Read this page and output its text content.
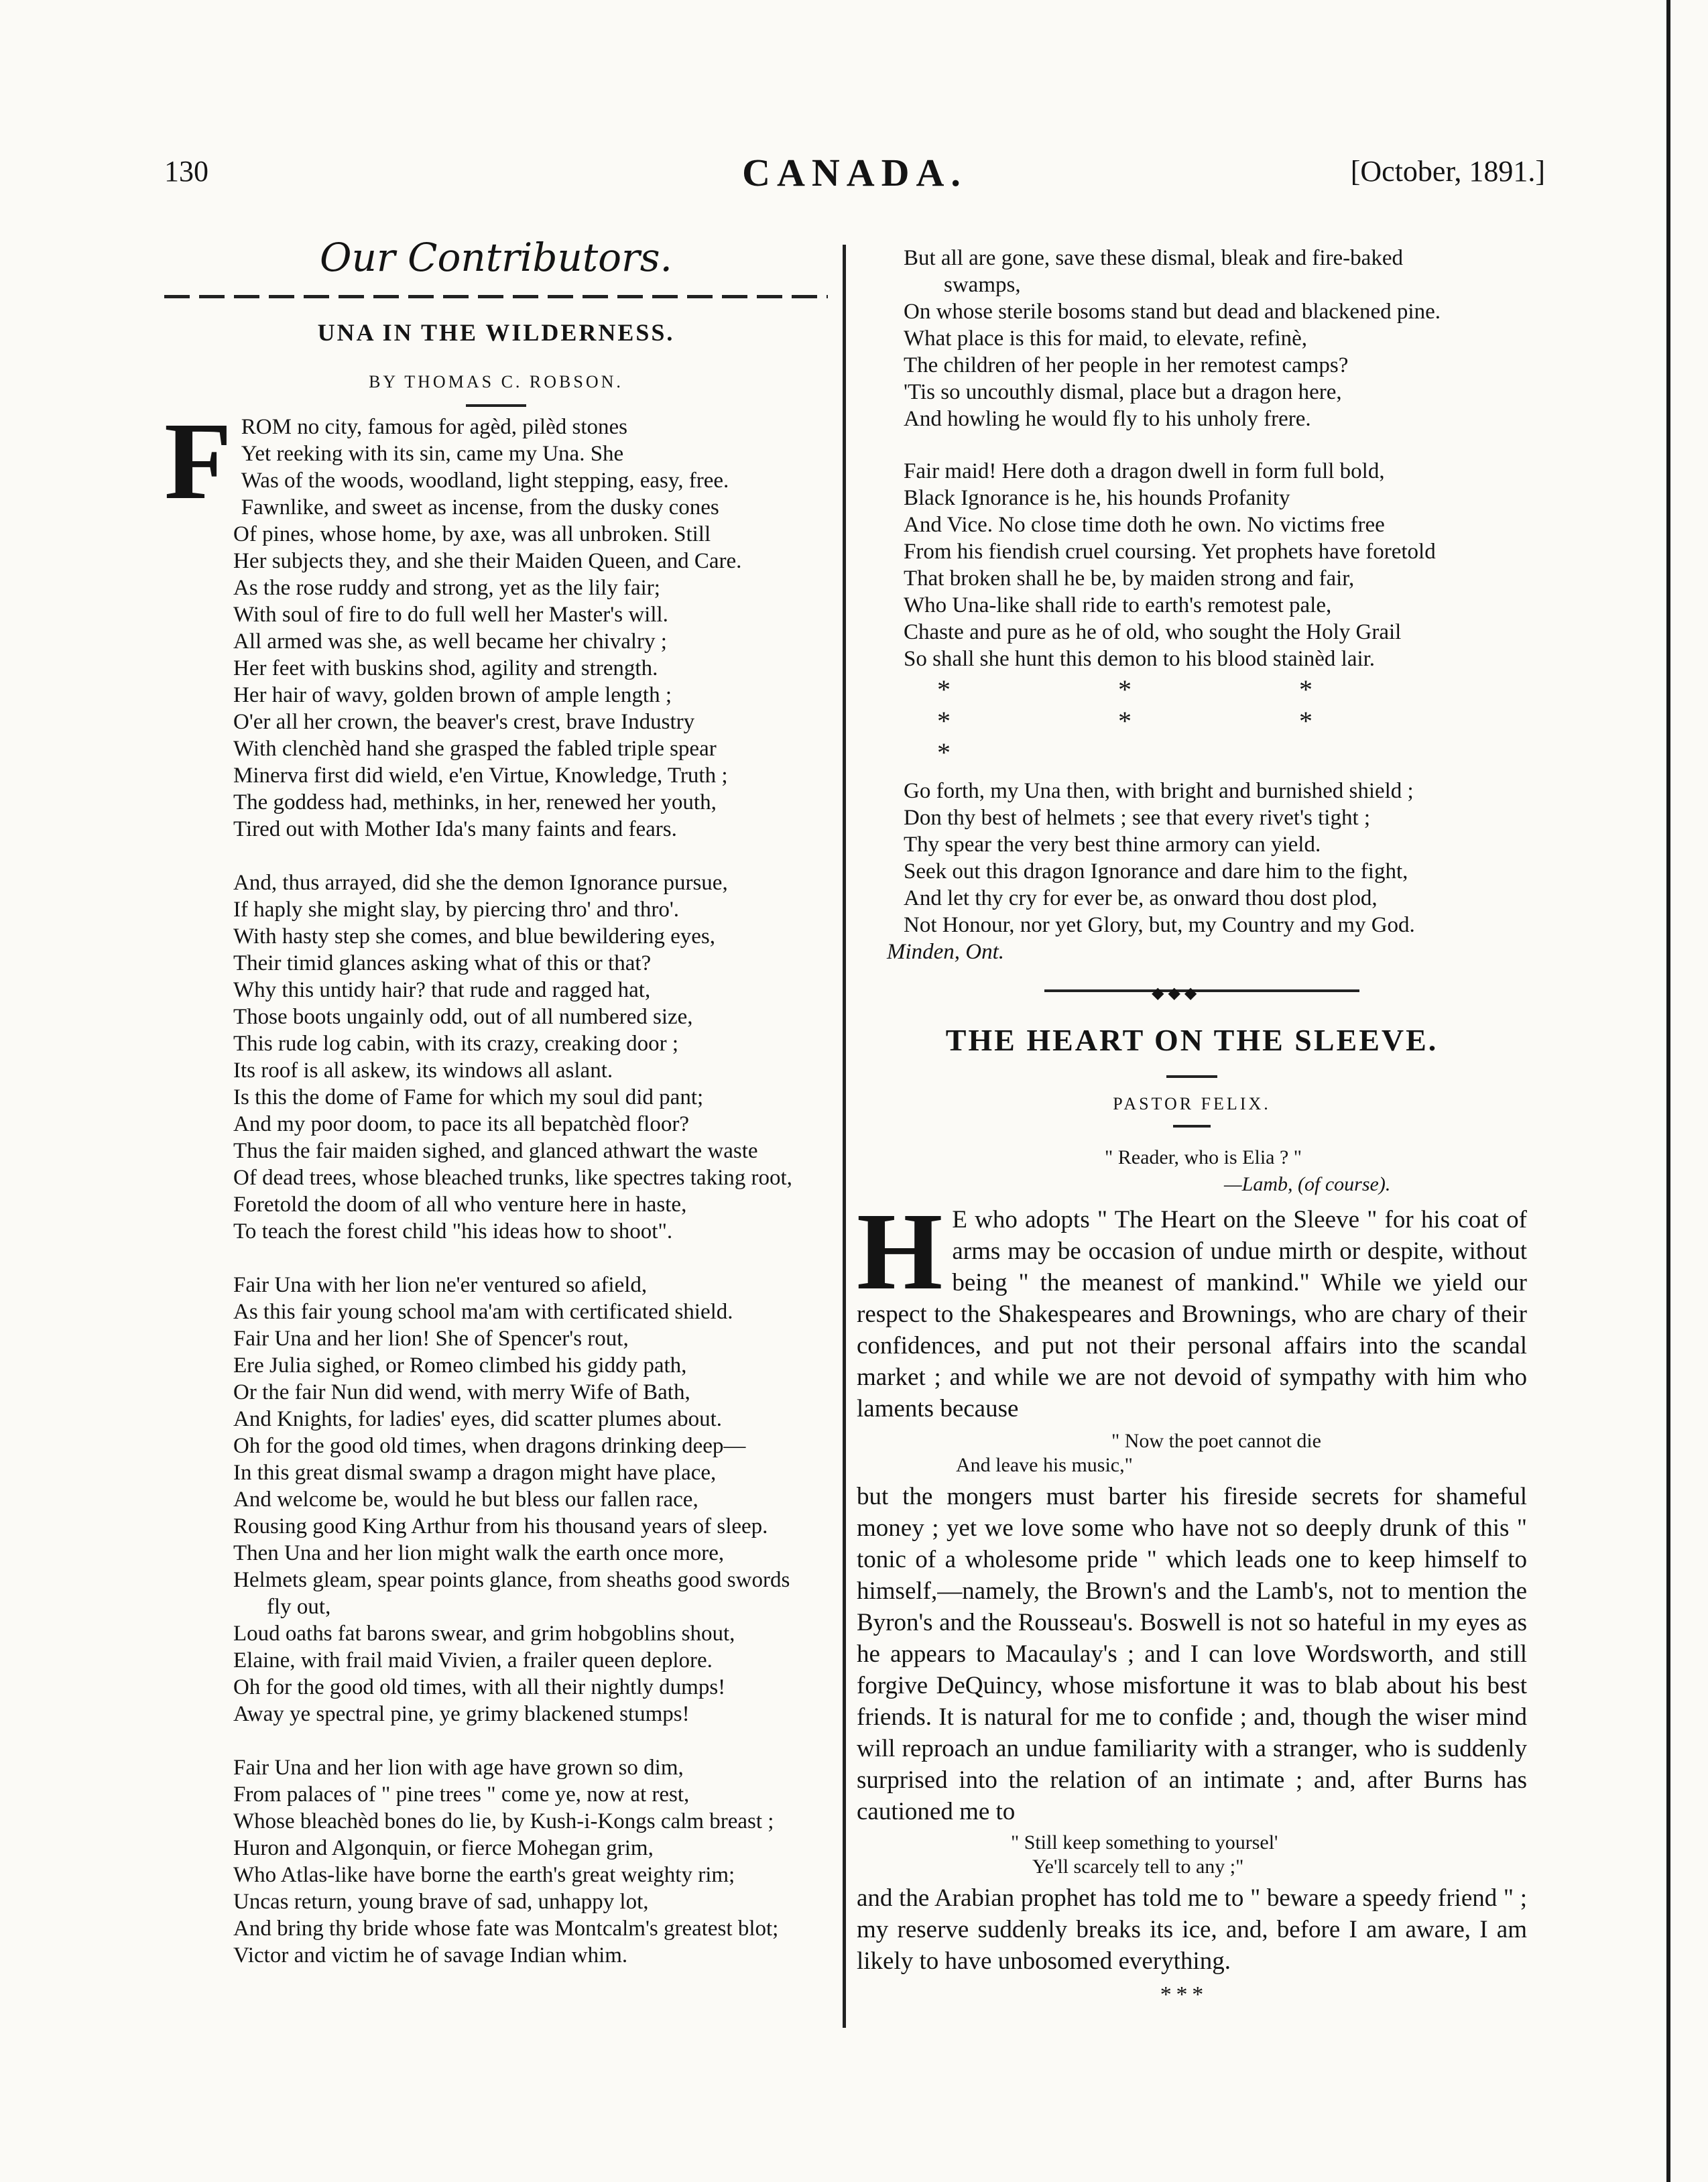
130	CANADA.	[October, 1891.]
Our Contributors.
UNA IN THE WILDERNESS.
BY THOMAS C. ROBSON.
F ROM no city, famous for agèd, pilèd stones
Yet reeking with its sin, came my Una. She
Was of the woods, woodland, light stepping, easy, free.
Fawnlike, and sweet as incense, from the dusky cones
Of pines, whose home, by axe, was all unbroken. Still
Her subjects they, and she their Maiden Queen, and Care.
As the rose ruddy and strong, yet as the lily fair;
With soul of fire to do full well her Master's will.
All armed was she, as well became her chivalry ;
Her feet with buskins shod, agility and strength.
Her hair of wavy, golden brown of ample length ;
O'er all her crown, the beaver's crest, brave Industry
With clenchèd hand she grasped the fabled triple spear
Minerva first did wield, e'en Virtue, Knowledge, Truth ;
The goddess had, methinks, in her, renewed her youth,
Tired out with Mother Ida's many faints and fears.
And, thus arrayed, did she the demon Ignorance pursue,
If haply she might slay, by piercing thro' and thro'.
With hasty step she comes, and blue bewildering eyes,
Their timid glances asking what of this or that?
Why this untidy hair? that rude and ragged hat,
Those boots ungainly odd, out of all numbered size,
This rude log cabin, with its crazy, creaking door ;
Its roof is all askew, its windows all aslant.
Is this the dome of Fame for which my soul did pant;
And my poor doom, to pace its all bepatchèd floor?
Thus the fair maiden sighed, and glanced athwart the waste
Of dead trees, whose bleached trunks, like spectres taking root,
Foretold the doom of all who venture here in haste,
To teach the forest child "his ideas how to shoot".
Fair Una with her lion ne'er ventured so afield,
As this fair young school ma'am with certificated shield.
Fair Una and her lion! She of Spencer's rout,
Ere Julia sighed, or Romeo climbed his giddy path,
Or the fair Nun did wend, with merry Wife of Bath,
And Knights, for ladies' eyes, did scatter plumes about.
Oh for the good old times, when dragons drinking deep—
In this great dismal swamp a dragon might have place,
And welcome be, would he but bless our fallen race,
Rousing good King Arthur from his thousand years of sleep.
Then Una and her lion might walk the earth once more,
Helmets gleam, spear points glance, from sheaths good swords
fly out,
Loud oaths fat barons swear, and grim hobgoblins shout,
Elaine, with frail maid Vivien, a frailer queen deplore.
Oh for the good old times, with all their nightly dumps!
Away ye spectral pine, ye grimy blackened stumps!
Fair Una and her lion with age have grown so dim,
From palaces of " pine trees " come ye, now at rest,
Whose bleachèd bones do lie, by Kush-i-Kongs calm breast ;
Huron and Algonquin, or fierce Mohegan grim,
Who Atlas-like have borne the earth's great weighty rim;
Uncas return, young brave of sad, unhappy lot,
And bring thy bride whose fate was Montcalm's greatest blot;
Victor and victim he of savage Indian whim.
But all are gone, save these dismal, bleak and fire-baked
swamps,
On whose sterile bosoms stand but dead and blackened pine.
What place is this for maid, to elevate, refinè,
The children of her people in her remotest camps?
'Tis so uncouthly dismal, place but a dragon here,
And howling he would fly to his unholy frere.
Fair maid! Here doth a dragon dwell in form full bold,
Black Ignorance is he, his hounds Profanity
And Vice. No close time doth he own. No victims free
From his fiendish cruel coursing. Yet prophets have foretold
That broken shall he be, by maiden strong and fair,
Who Una-like shall ride to earth's remotest pale,
Chaste and pure as he of old, who sought the Holy Grail
So shall she hunt this demon to his blood stainèd lair.
* * * * * * *
Go forth, my Una then, with bright and burnished shield ;
Don thy best of helmets ; see that every rivet's tight ;
Thy spear the very best thine armory can yield.
Seek out this dragon Ignorance and dare him to the fight,
And let thy cry for ever be, as onward thou dost plod,
Not Honour, nor yet Glory, but, my Country and my God.
Minden, Ont.
◆ ◆ ◆
THE HEART ON THE SLEEVE.
PASTOR FELIX.
" Reader, who is Elia ? "
—Lamb, (of course).
H E who adopts " The Heart on the Sleeve " for his coat of arms may be occasion of undue mirth or despite, without being " the meanest of mankind." While we yield our respect to the Shakespeares and Brownings, who are chary of their confidences, and put not their personal affairs into the scandal market ; and while we are not devoid of sympathy with him who laments because
" Now the poet cannot die
And leave his music,"
but the mongers must barter his fireside secrets for shameful money ; yet we love some who have not so deeply drunk of this " tonic of a wholesome pride " which leads one to keep himself to himself,—namely, the Brown's and the Lamb's, not to mention the Byron's and the Rousseau's. Boswell is not so hateful in my eyes as he appears to Macaulay's ; and I can love Wordsworth, and still forgive DeQuincy, whose misfortune it was to blab about his best friends. It is natural for me to confide ; and, though the wiser mind will reproach an undue familiarity with a stranger, who is suddenly surprised into the relation of an intimate ; and, after Burns has cautioned me to
" Still keep something to yoursel'
Ye'll scarcely tell to any ;"
and the Arabian prophet has told me to " beware a speedy friend " ; my reserve suddenly breaks its ice, and, before I am aware, I am likely to have unbosomed everything.
* * *
